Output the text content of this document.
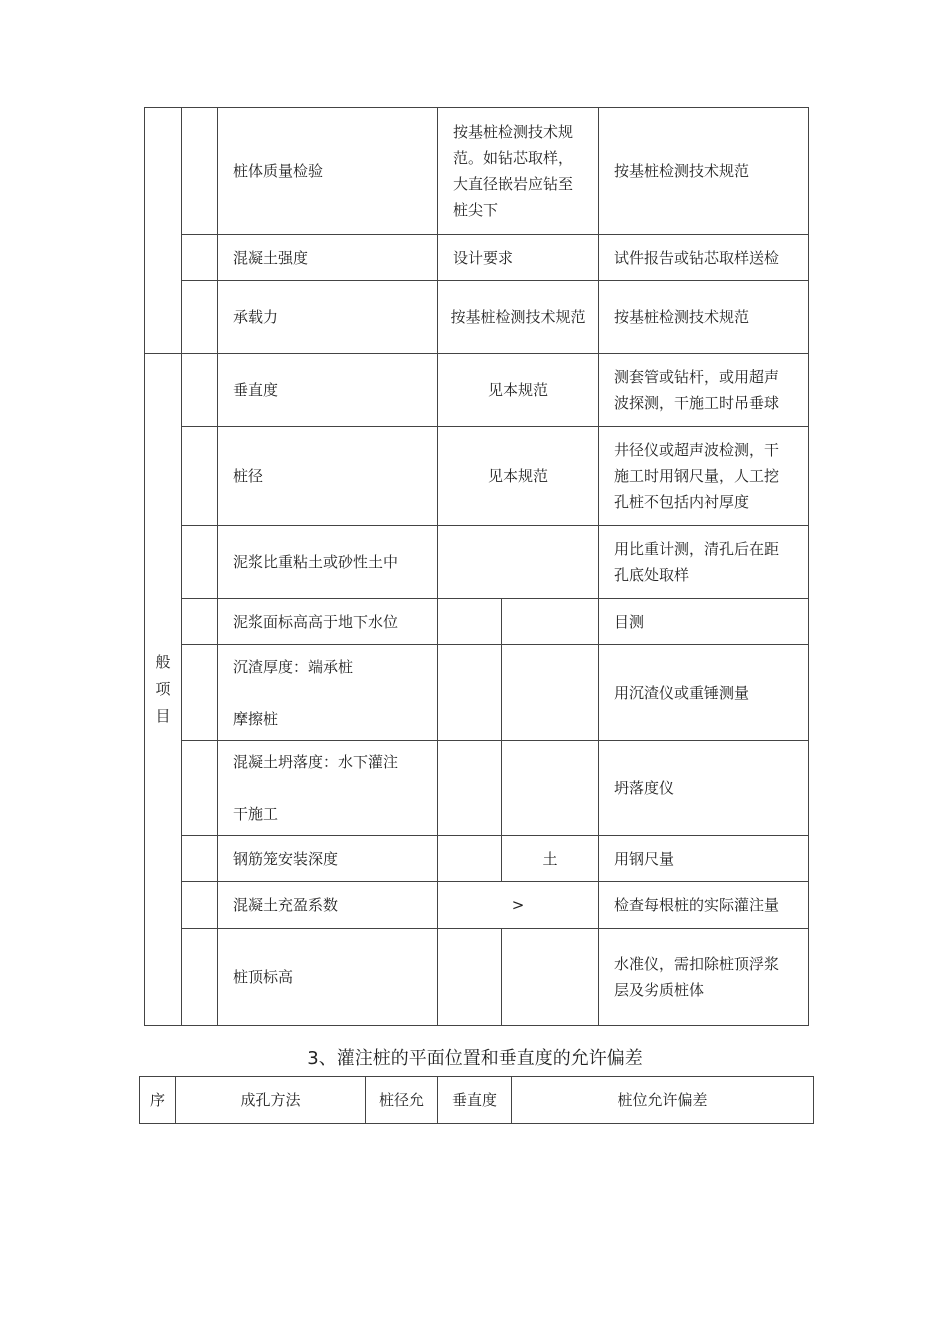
		桩体质量检验	按基桩检测技术规
范。如钻芯取样，
大直径嵌岩应钻至
桩尖下		按基桩检测技术规范
		混凝土强度	设计要求		试件报告或钻芯取样送检
		承载力	按基桩检测技术规范		按基桩检测技术规范
般
项
目		垂直度	见本规范		测套管或钻杆，或用超声
波探测，干施工时吊垂球
		桩径	见本规范		井径仪或超声波检测，干
施工时用钢尺量，人工挖
孔桩不包括内衬厚度
		泥浆比重粘土或砂性土中			用比重计测，清孔后在距
孔底处取样
		泥浆面标高高于地下水位			目测
		沉渣厚度：端承桩

摩擦桩			用沉渣仪或重锤测量
		混凝土坍落度：水下灌注

干施工			坍落度仪
		钢筋笼安装深度		土	用钢尺量
		混凝土充盈系数	>		检查每根桩的实际灌注量
		桩顶标高			水准仪，需扣除桩顶浮浆
层及劣质桩体
3、灌注桩的平面位置和垂直度的允许偏差
序	成孔方法	桩径允	垂直度	桩位允许偏差
